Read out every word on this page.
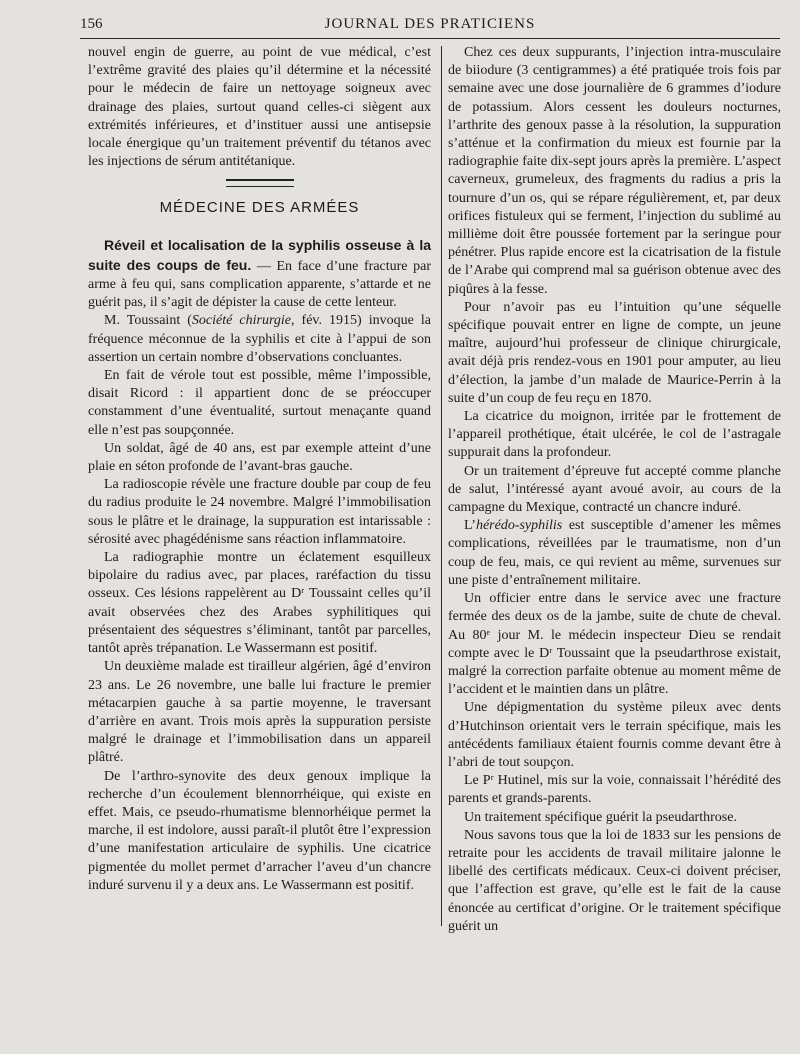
156	JOURNAL DES PRATICIENS

nouvel engin de guerre, au point de vue médical, c’est l’extrême gravité des plaies qu’il détermine et la nécessité pour le médecin de faire un nettoyage soigneux avec drainage des plaies, surtout quand celles-ci siègent aux extrémités inférieures, et d’instituer aussi une antisepsie locale énergique qu’un traitement préventif du tétanos avec les injections de sérum antitétanique.

MÉDECINE DES ARMÉES

Réveil et localisation de la syphilis osseuse à la suite des coups de feu. — En face d’une fracture par arme à feu qui, sans complication apparente, s’attarde et ne guérit pas, il s’agit de dépister la cause de cette lenteur.

M. Toussaint (Société chirurgie, fév. 1915) invoque la fréquence méconnue de la syphilis et cite à l’appui de son assertion un certain nombre d’observations concluantes.

En fait de vérole tout est possible, même l’impossible, disait Ricord : il appartient donc de se préoccuper constamment d’une éventualité, surtout menaçante quand elle n’est pas soupçonnée.

Un soldat, âgé de 40 ans, est par exemple atteint d’une plaie en séton profonde de l’avant-bras gauche.

La radioscopie révèle une fracture double par coup de feu du radius produite le 24 novembre. Malgré l’immobilisation sous le plâtre et le drainage, la suppuration est intarissable : sérosité avec phagédénisme sans réaction inflammatoire.

La radiographie montre un éclatement esquilleux bipolaire du radius avec, par places, raréfaction du tissu osseux. Ces lésions rappelèrent au Dʳ Toussaint celles qu’il avait observées chez des Arabes syphilitiques qui présentaient des séquestres s’éliminant, tantôt par parcelles, tantôt après trépanation. Le Wassermann est positif.

Un deuxième malade est tirailleur algérien, âgé d’environ 23 ans. Le 26 novembre, une balle lui fracture le premier métacarpien gauche à sa partie moyenne, le traversant d’arrière en avant. Trois mois après la suppuration persiste malgré le drainage et l’immobilisation dans un appareil plâtré.

De l’arthro-synovite des deux genoux implique la recherche d’un écoulement blennorrhéique, qui existe en effet. Mais, ce pseudo-rhumatisme blennorhéique permet la marche, il est indolore, aussi paraît-il plutôt être l’expression d’une manifestation articulaire de syphilis. Une cicatrice pigmentée du mollet permet d’arracher l’aveu d’un chancre induré survenu il y a deux ans. Le Wassermann est positif.

Chez ces deux suppurants, l’injection intra-musculaire de biiodure (3 centigrammes) a été pratiquée trois fois par semaine avec une dose journalière de 6 grammes d’iodure de potassium. Alors cessent les douleurs nocturnes, l’arthrite des genoux passe à la résolution, la suppuration s’atténue et la confirmation du mieux est fournie par la radiographie faite dix-sept jours après la première. L’aspect caverneux, grumeleux, des fragments du radius a pris la tournure d’un os, qui se répare régulièrement, et, par deux orifices fistuleux qui se ferment, l’injection du sublimé au millième doit être poussée fortement par la seringue pour pénétrer. Plus rapide encore est la cicatrisation de la fistule de l’Arabe qui comprend mal sa guérison obtenue avec des piqûres à la fesse.

Pour n’avoir pas eu l’intuition qu’une séquelle spécifique pouvait entrer en ligne de compte, un jeune maître, aujourd’hui professeur de clinique chirurgicale, avait déjà pris rendez-vous en 1901 pour amputer, au lieu d’élection, la jambe d’un malade de Maurice-Perrin à la suite d’un coup de feu reçu en 1870.

La cicatrice du moignon, irritée par le frottement de l’appareil prothétique, était ulcérée, le col de l’astragale suppurait dans la profondeur.

Or un traitement d’épreuve fut accepté comme planche de salut, l’intéressé ayant avoué avoir, au cours de la campagne du Mexique, contracté un chancre induré.

L’hérédo-syphilis est susceptible d’amener les mêmes complications, réveillées par le traumatisme, non d’un coup de feu, mais, ce qui revient au même, survenues sur une piste d’entraînement militaire.

Un officier entre dans le service avec une fracture fermée des deux os de la jambe, suite de chute de cheval. Au 80ᵉ jour M. le médecin inspecteur Dieu se rendait compte avec le Dʳ Toussaint que la pseudarthrose existait, malgré la correction parfaite obtenue au moment même de l’accident et le maintien dans un plâtre.

Une dépigmentation du système pileux avec dents d’Hutchinson orientait vers le terrain spécifique, mais les antécédents familiaux étaient fournis comme devant être à l’abri de tout soupçon.

Le Pʳ Hutinel, mis sur la voie, connaissait l’hérédité des parents et grands-parents.

Un traitement spécifique guérit la pseudarthrose.

Nous savons tous que la loi de 1833 sur les pensions de retraite pour les accidents de travail militaire jalonne le libellé des certificats médicaux. Ceux-ci doivent préciser, que l’affection est grave, qu’elle est le fait de la cause énoncée au certificat d’origine. Or le traitement spécifique guérit un
